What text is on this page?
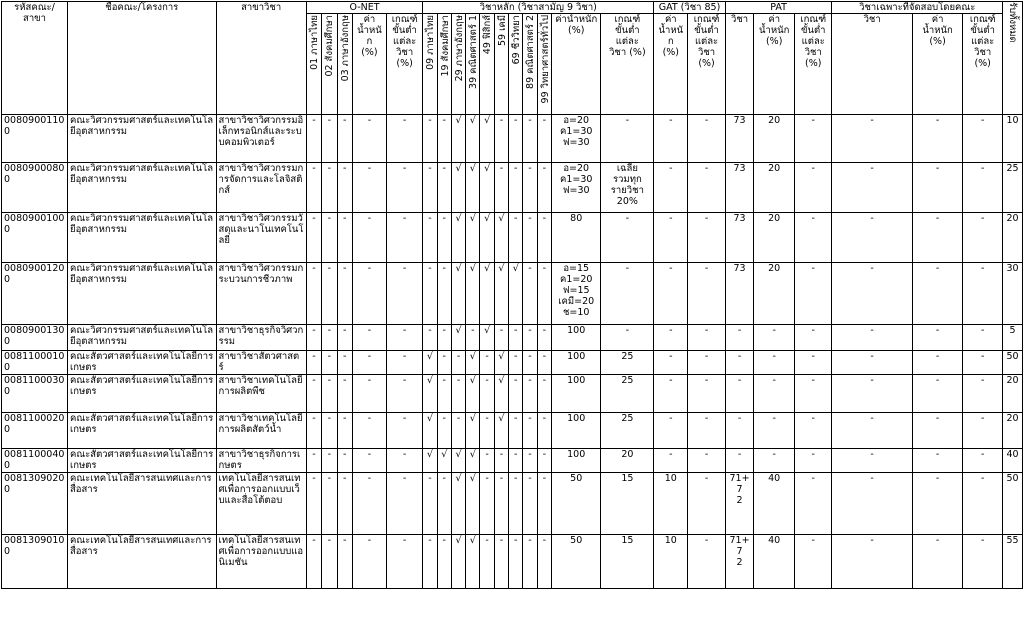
รหัสคณะ/
สาขา	ชื่อคณะ/โครงการ	สาขาวิชา	O-NET					วิชาหลัก (วิชาสามัญ 9 วิชา)											GAT (วิชา 85)		PAT			วิชาเฉพาะที่จัดสอบโดยคณะ			รับทั้งหมด
			01 ภาษาไทย	02 สังคมศึกษา	03 ภาษาอังกฤษ	ค่า
น้ำหนัก
(%)	เกณฑ์
ขั้นต่ำ
แต่ละ
วิชา
(%)	09 ภาษาไทย	19 สังคมศึกษา	29 ภาษาอังกฤษ	39 คณิตศาสตร์ 1	49 ฟิสิกส์	59 เคมี	69 ชีววิทยา	89 คณิตศาสตร์ 2	99 วิทยาศาสตร์ทั่วไป	ค่าน้ำหนัก
(%)	เกณฑ์
ขั้นต่ำ
แต่ละ
วิชา (%)	ค่า
น้ำหนัก
(%)	เกณฑ์
ขั้นต่ำ
แต่ละ
วิชา
(%)	วิชา	ค่า
น้ำหนัก
(%)	เกณฑ์
ขั้นต่ำ
แต่ละ
วิชา
(%)	วิชา	ค่า
น้ำหนัก
(%)	เกณฑ์
ขั้นต่ำ
แต่ละ
วิชา
(%)	
00809001100	คณะวิศวกรรมศาสตร์และเทคโนโลยีอุตสาหกรรม	สาขาวิชาวิศวกรรมอิเล็กทรอนิกส์และระบบคอมพิวเตอร์	-	-	-	-	-	-	-	√	√	√	-	-	-	-	อ=20
ค1=30
ฟ=30	-	-	-	73	20	-	-	-	-	10
00809000800	คณะวิศวกรรมศาสตร์และเทคโนโลยีอุตสาหกรรม	สาขาวิชาวิศวกรรมการจัดการและโลจิสติกส์	-	-	-	-	-	-	-	√	√	√	-	-	-	-	อ=20
ค1=30
ฟ=30	เฉลี่ย
รวมทุก
รายวิชา
20%	-	-	73	20	-	-	-	-	25
00809001000	คณะวิศวกรรมศาสตร์และเทคโนโลยีอุตสาหกรรม	สาขาวิชาวิศวกรรมวัสดุและนาโนเทคโนโลยี	-	-	-	-	-	-	-	√	√	√	√	-	-	-	80	-	-	-	73	20	-	-	-	-	20
00809001200	คณะวิศวกรรมศาสตร์และเทคโนโลยีอุตสาหกรรม	สาขาวิชาวิศวกรรมกระบวนการชีวภาพ	-	-	-	-	-	-	-	√	√	√	√	√	-	-	อ=15
ค1=20
ฟ=15
เคมี=20
ช=10	-	-	-	73	20	-	-	-	-	30
00809001300	คณะวิศวกรรมศาสตร์และเทคโนโลยีอุตสาหกรรม	สาขาวิชาธุรกิจวิศวกรรม	-	-	-	-	-	-	-	√	-	√	-	-	-	-	100	-	-	-	-	-	-	-	-	-	5
00811000100	คณะสัตวศาสตร์และเทคโนโลยีการเกษตร	สาขาวิชาสัตวศาสตร์	-	-	-	-	-	√	-	-	√	-	√	-	-	-	100	25	-	-	-	-	-	-	-	-	50
00811000300	คณะสัตวศาสตร์และเทคโนโลยีการเกษตร	สาขาวิชาเทคโนโลยีการผลิตพืช	-	-	-	-	-	√	-	-	√	-	√	-	-	-	100	25	-	-	-	-	-	-	-	-	20
00811000200	คณะสัตวศาสตร์และเทคโนโลยีการเกษตร	สาขาวิชาเทคโนโลยีการผลิตสัตว์น้ำ	-	-	-	-	-	√	-	-	√	-	√	-	-	-	100	25	-	-	-	-	-	-	-	-	20
00811000400	คณะสัตวศาสตร์และเทคโนโลยีการเกษตร	สาขาวิชาธุรกิจการเกษตร	-	-	-	-	-	√	√	√	√	-	-	-	-	-	100	20	-	-	-	-	-	-	-	-	40
00813090200	คณะเทคโนโลยีสารสนเทศและการสื่อสาร	เทคโนโลยีสารสนเทศเพื่อการออกแบบเว็บและสื่อโต้ตอบ	-	-	-	-	-	-	-	√	√	-	-	-	-	-	50	15	10	-	71+7
2	40	-	-	-	-	50
00813090100	คณะเทคโนโลยีสารสนเทศและการสื่อสาร	เทคโนโลยีสารสนเทศเพื่อการออกแบบแอนิเมชัน	-	-	-	-	-	-	-	√	√	-	-	-	-	-	50	15	10	-	71+7
2	40	-	-	-	-	55
